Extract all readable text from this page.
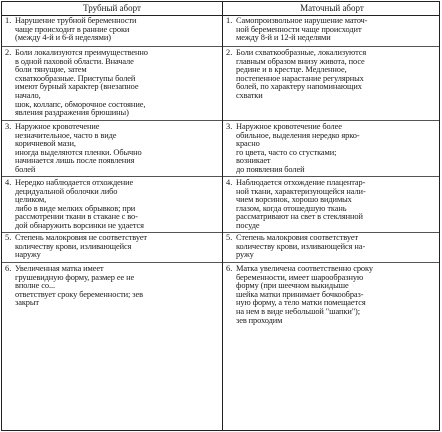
Трубный аборт	Маточный аборт
1. Нарушение трубной беременности
чаще происходит в ранние сроки
(между 4-й и 6-й неделями)
2. Боли локализуются преимущественно
в одной паховой области. Вначале
боли тянущие, затем
схваткообразные. Приступы болей
имеют бурный характер (внезапное
начало,
шок, коллапс, обморочное состояние,
явления раздражения брюшины)
3. Наружное кровотечение
незначительное, часто в виде
коричневой мази,
иногда выделяются пленки. Обычно
начинается лишь после появления
болей
4. Нередко наблюдается отхождение
децидуальной оболочки либо
целиком,
либо в виде мелких обрывков; при
рассмотрении ткани в стакане с во-
дой обнаружить ворсинки не удается
5. Степень малокровия не соответствует
количеству крови, изливающейся
наружу
6. Увеличенная матка имеет
грушевидную форму, размер ее не
вполне со...
ответствует сроку беременности; зев
закрыт
1. Самопроизвольное нарушение маточ-
ной беременности чаще происходит
между 8-й и 12-й неделями
2. Боли схваткообразные, локализуются
главным образом внизу живота, посе
редине и в крестце. Медленное,
постепенное нарастание регулярных
болей, по характеру напоминающих
схватки
3. Наружное кровотечение более
обильное, выделения нередко ярко-
красно
го цвета, часто со сгустками;
возникает
до появления болей
4. Наблюдается отхождение плацентар-
ной ткани, характеризующейся нали-
чием ворсинок, хорошо видимых
глазом, когда отошедшую ткань
рассматривают на свет в стеклянной
посуде
5. Степень малокровия соответствует
количеству крови, изливающейся на-
ружу
6. Матка увеличена соответственно сроку
беременности, имеет шарообразную
форму (при шеечном выкидыше
шейка матки принимает бочкообраз-
ную форму, а тело матки помещается
на нем в виде небольшой "шапки");
зев проходим
